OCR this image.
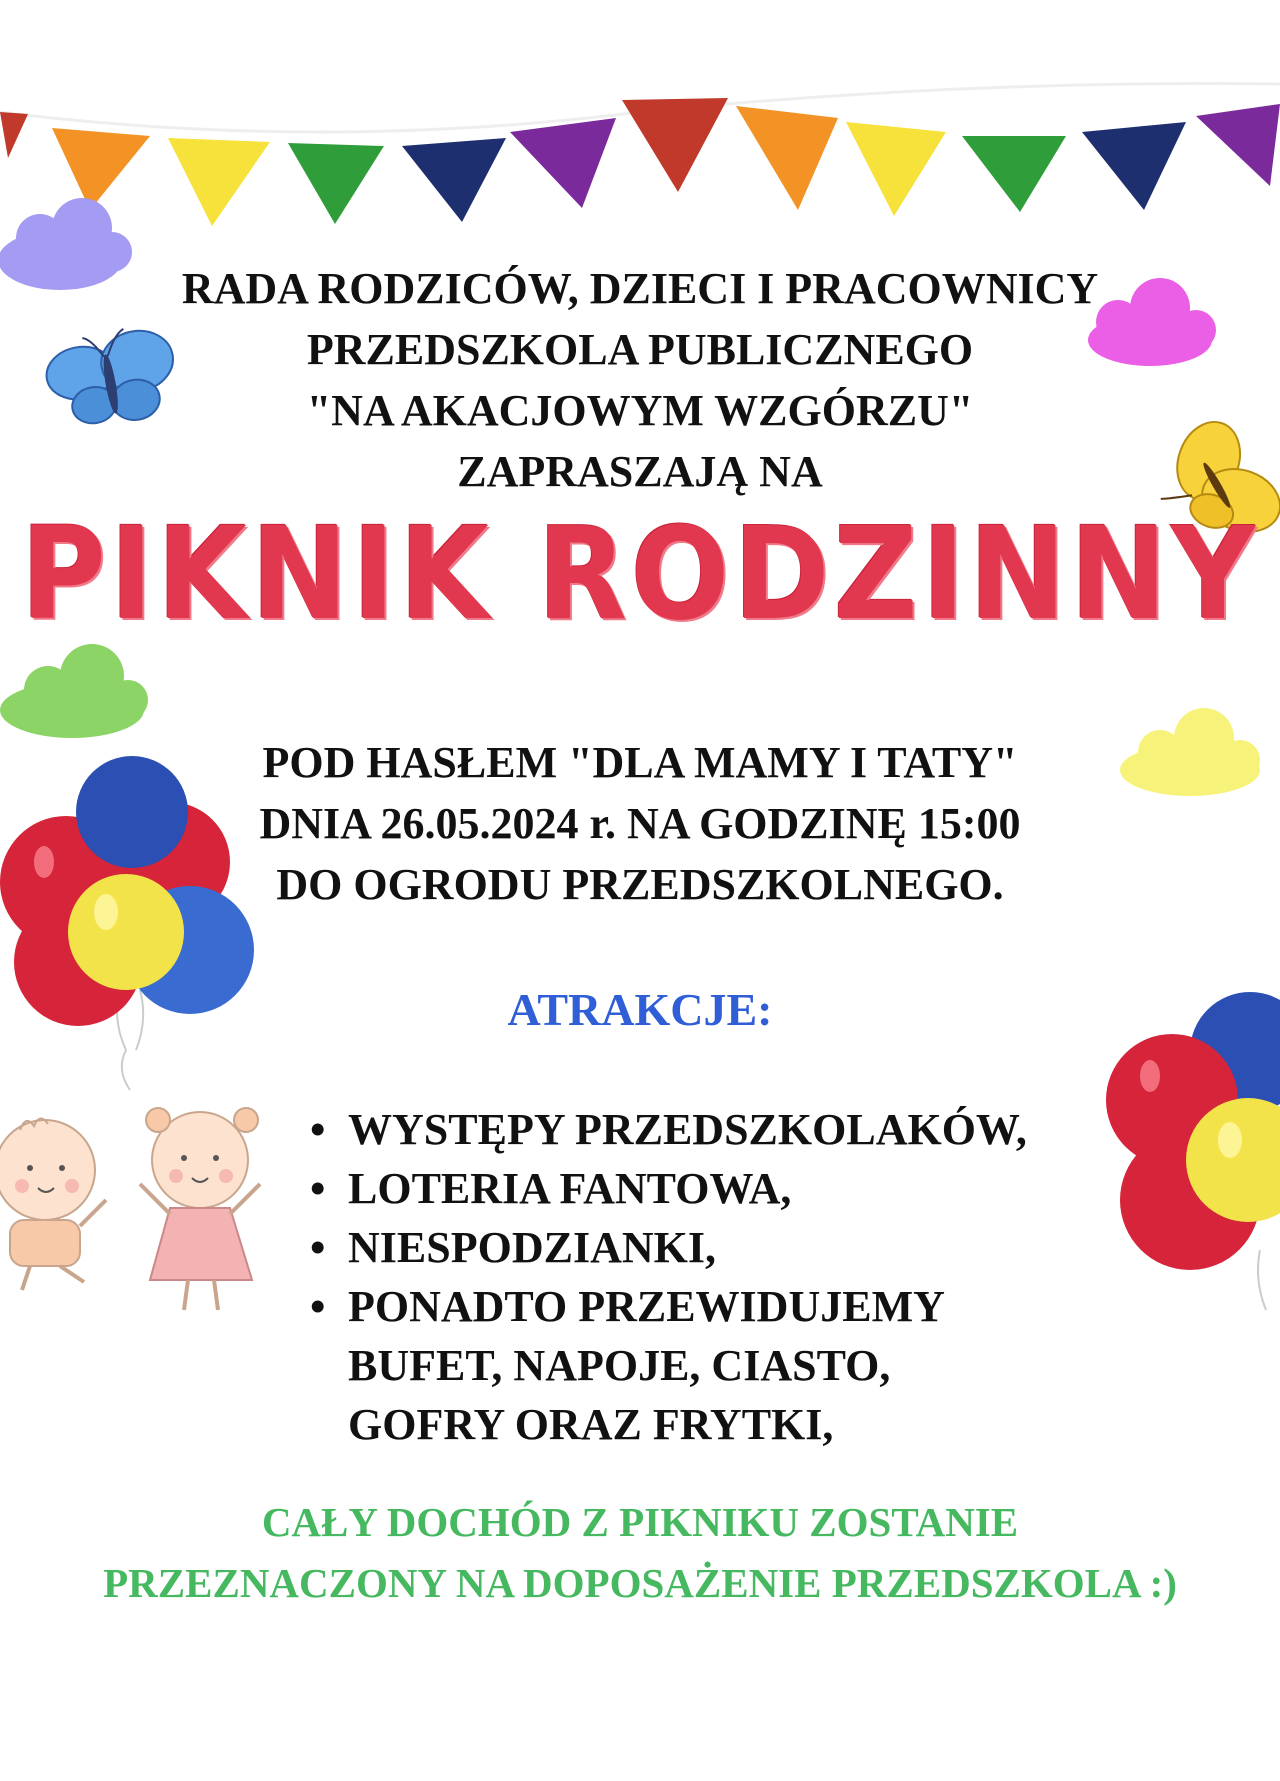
RADA RODZICÓW, DZIECI I PRACOWNICY
PRZEDSZKOLA PUBLICZNEGO
"NA AKACJOWYM WZGÓRZU"
ZAPRASZAJĄ NA
PIKNIK RODZINNY
POD HASŁEM "DLA MAMY I TATY"
DNIA 26.05.2024 r. NA GODZINĘ 15:00
DO OGRODU PRZEDSZKOLNEGO.
ATRAKCJE:
• WYSTĘPY PRZEDSZKOLAKÓW,
• LOTERIA FANTOWA,
• NIESPODZIANKI,
• PONADTO PRZEWIDUJEMY
BUFET, NAPOJE, CIASTO,
GOFRY ORAZ FRYTKI,
CAŁY DOCHÓD Z PIKNIKU ZOSTANIE
PRZEZNACZONY NA DOPOSAŻENIE PRZEDSZKOLA :)
